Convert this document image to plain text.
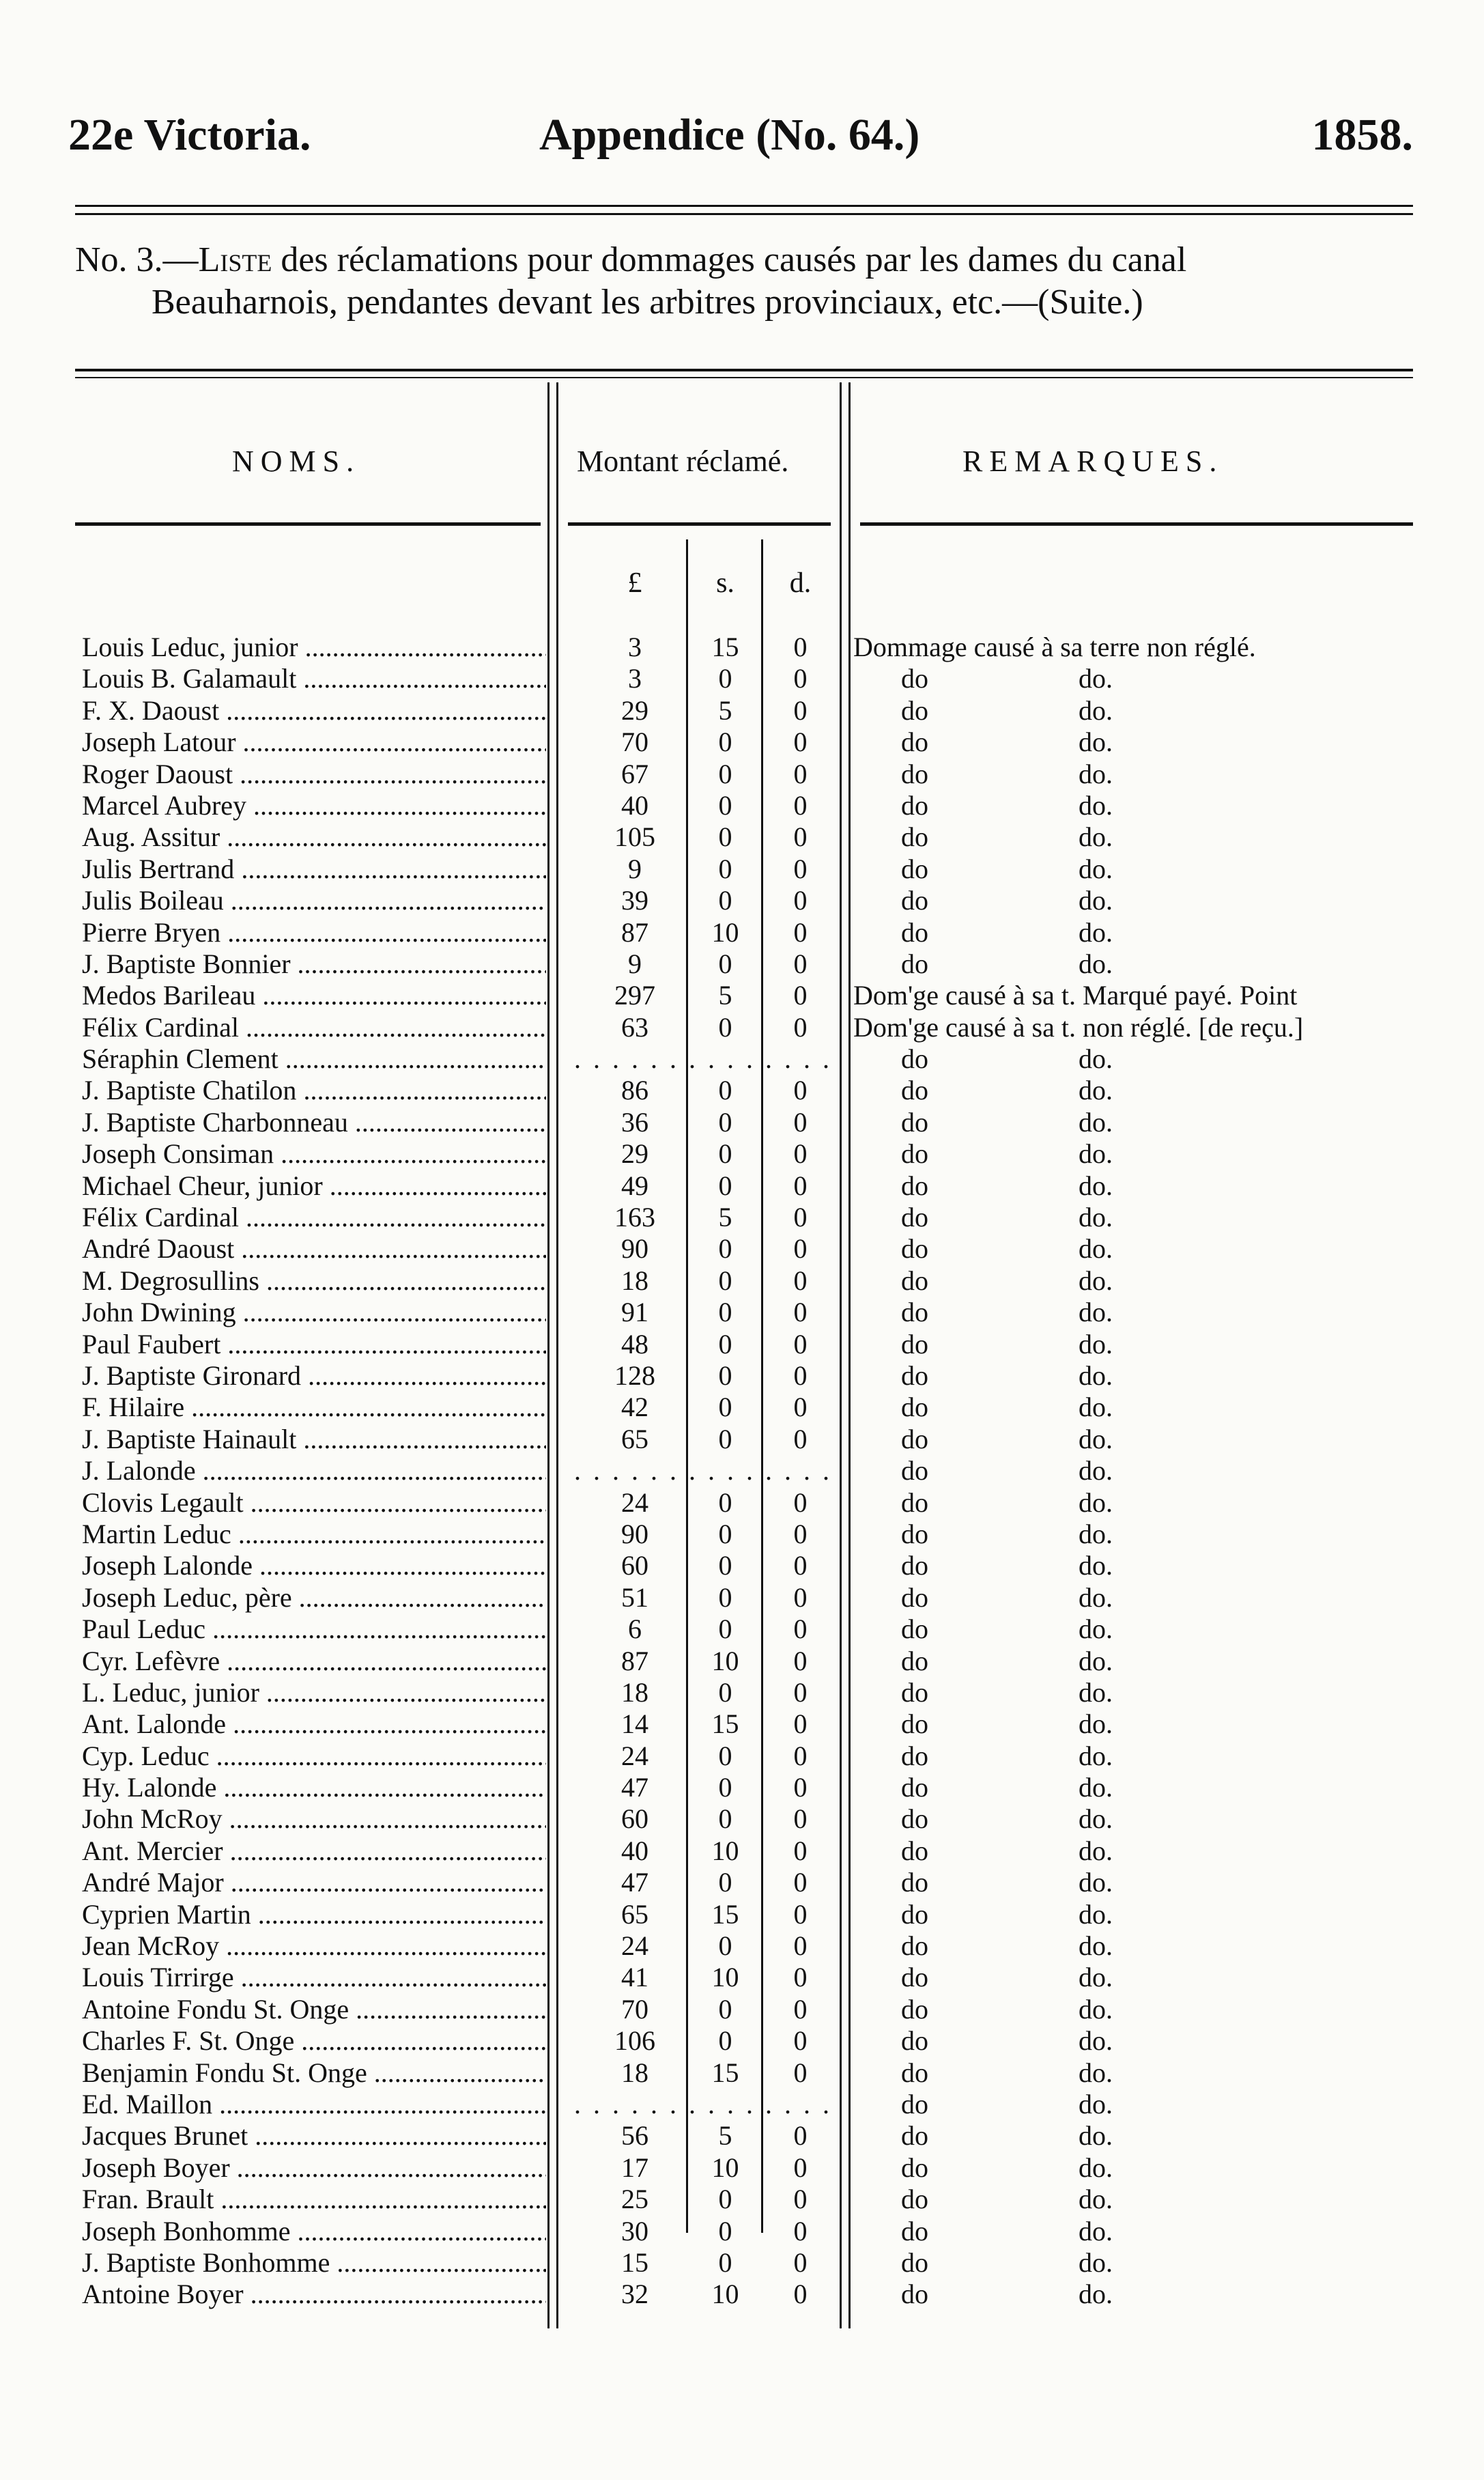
22e Victoria.	Appendice (No. 64.)	1858.
No. 3.—Liste des réclamations pour dommages causés par les dames du canal
Beauharnois, pendantes devant les arbitres provinciaux, etc.—(Suite.)
NOMS.	Montant réclamé.	REMARQUES.
£	s.	d.
Louis Leduc, junior .....	3	15	0	Dommage causé à sa terre non réglé.
Louis B. Galamault .....	3	0	0	do	do.
F. X. Daoust .....	29	5	0	do	do.
Joseph Latour .....	70	0	0	do	do.
Roger Daoust .....	67	0	0	do	do.
Marcel Aubrey .....	40	0	0	do	do.
Aug. Assitur .....	105	0	0	do	do.
Julis Bertrand .....	9	0	0	do	do.
Julis Boileau .....	39	0	0	do	do.
Pierre Bryen .....	87	10	0	do	do.
J. Baptiste Bonnier .....	9	0	0	do	do.
Medos Barileau .....	297	5	0	Dom'ge causé à sa t. Marqué payé. Point
Félix Cardinal .....	63	0	0	Dom'ge causé à sa t. non réglé. [de reçu.]
Séraphin Clement .....	. . . . . . . . . . . . . .	do	do.
J. Baptiste Chatilon .....	86	0	0	do	do.
J. Baptiste Charbonneau .....	36	0	0	do	do.
Joseph Consiman .....	29	0	0	do	do.
Michael Cheur, junior .....	49	0	0	do	do.
Félix Cardinal .....	163	5	0	do	do.
André Daoust .....	90	0	0	do	do.
M. Degrosullins .....	18	0	0	do	do.
John Dwining .....	91	0	0	do	do.
Paul Faubert .....	48	0	0	do	do.
J. Baptiste Gironard .....	128	0	0	do	do.
F. Hilaire .....	42	0	0	do	do.
J. Baptiste Hainault .....	65	0	0	do	do.
J. Lalonde .....	. . . . . . . . . . . . . .	do	do.
Clovis Legault .....	24	0	0	do	do.
Martin Leduc .....	90	0	0	do	do.
Joseph Lalonde .....	60	0	0	do	do.
Joseph Leduc, père .....	51	0	0	do	do.
Paul Leduc .....	6	0	0	do	do.
Cyr. Lefèvre .....	87	10	0	do	do.
L. Leduc, junior .....	18	0	0	do	do.
Ant. Lalonde .....	14	15	0	do	do.
Cyp. Leduc .....	24	0	0	do	do.
Hy. Lalonde .....	47	0	0	do	do.
John McRoy .....	60	0	0	do	do.
Ant. Mercier .....	40	10	0	do	do.
André Major .....	47	0	0	do	do.
Cyprien Martin .....	65	15	0	do	do.
Jean McRoy .....	24	0	0	do	do.
Louis Tirrirge .....	41	10	0	do	do.
Antoine Fondu St. Onge .....	70	0	0	do	do.
Charles F. St. Onge .....	106	0	0	do	do.
Benjamin Fondu St. Onge .....	18	15	0	do	do.
Ed. Maillon .....	. . . . . . . . . . . . . .	do	do.
Jacques Brunet .....	56	5	0	do	do.
Joseph Boyer .....	17	10	0	do	do.
Fran. Brault .....	25	0	0	do	do.
Joseph Bonhomme .....	30	0	0	do	do.
J. Baptiste Bonhomme .....	15	0	0	do	do.
Antoine Boyer .....	32	10	0	do	do.
